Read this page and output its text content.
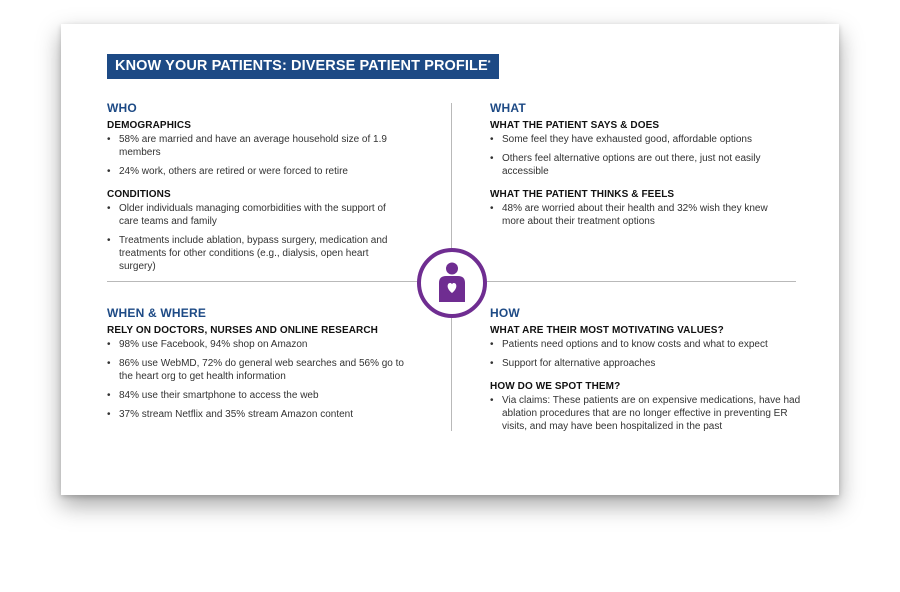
KNOW YOUR PATIENTS: DIVERSE PATIENT PROFILE*
WHO
DEMOGRAPHICS
• 58% are married and have an average household size of 1.9 members
• 24% work, others are retired or were forced to retire
CONDITIONS
• Older individuals managing comorbidities with the support of care teams and family
• Treatments include ablation, bypass surgery, medication and treatments for other conditions (e.g., dialysis, open heart surgery)
WHAT
WHAT THE PATIENT SAYS & DOES
• Some feel they have exhausted good, affordable options
• Others feel alternative options are out there, just not easily accessible
WHAT THE PATIENT THINKS & FEELS
• 48% are worried about their health and 32% wish they knew more about their treatment options
WHEN & WHERE
RELY ON DOCTORS, NURSES AND ONLINE RESEARCH
• 98% use Facebook, 94% shop on Amazon
• 86% use WebMD, 72% do general web searches and 56% go to the heart org to get health information
• 84% use their smartphone to access the web
• 37% stream Netflix and 35% stream Amazon content
HOW
WHAT ARE THEIR MOST MOTIVATING VALUES?
• Patients need options and to know costs and what to expect
• Support for alternative approaches
HOW DO WE SPOT THEM?
• Via claims: These patients are on expensive medications, have had ablation procedures that are no longer effective in preventing ER visits, and may have been hospitalized in the past
